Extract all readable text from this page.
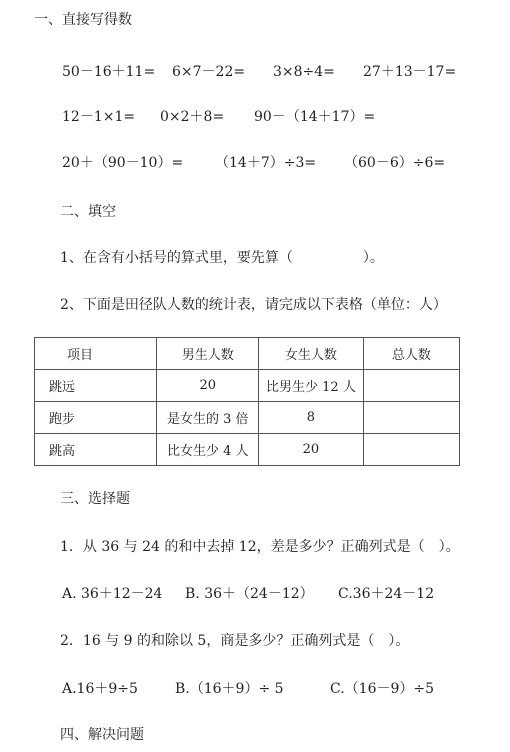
一、直接写得数
50－16＋11= 6×7－22= 3×8÷4= 27＋13－17=
12－1×1= 0×2＋8= 90－（14＋17）=
20＋（90－10）= （14＋7）÷3= （60－6）÷6=
二、填空
1、在含有小括号的算式里，要先算（　　　　　）。
2、下面是田径队人数的统计表，请完成以下表格（单位：人）
项目	男生人数	女生人数	总人数
跳远	20	比男生少 12 人	
跑步	是女生的 3 倍	8	
跳高	比女生少 4 人	20	
三、选择题
1．从 36 与 24 的和中去掉 12，差是多少？正确列式是（　）。
A. 36＋12－24 B. 36＋（24－12） C.36＋24－12
2．16 与 9 的和除以 5，商是多少？正确列式是（　）。
A.16＋9÷5	B.（16＋9）÷ 5	C.（16－9）÷5
四、解决问题
